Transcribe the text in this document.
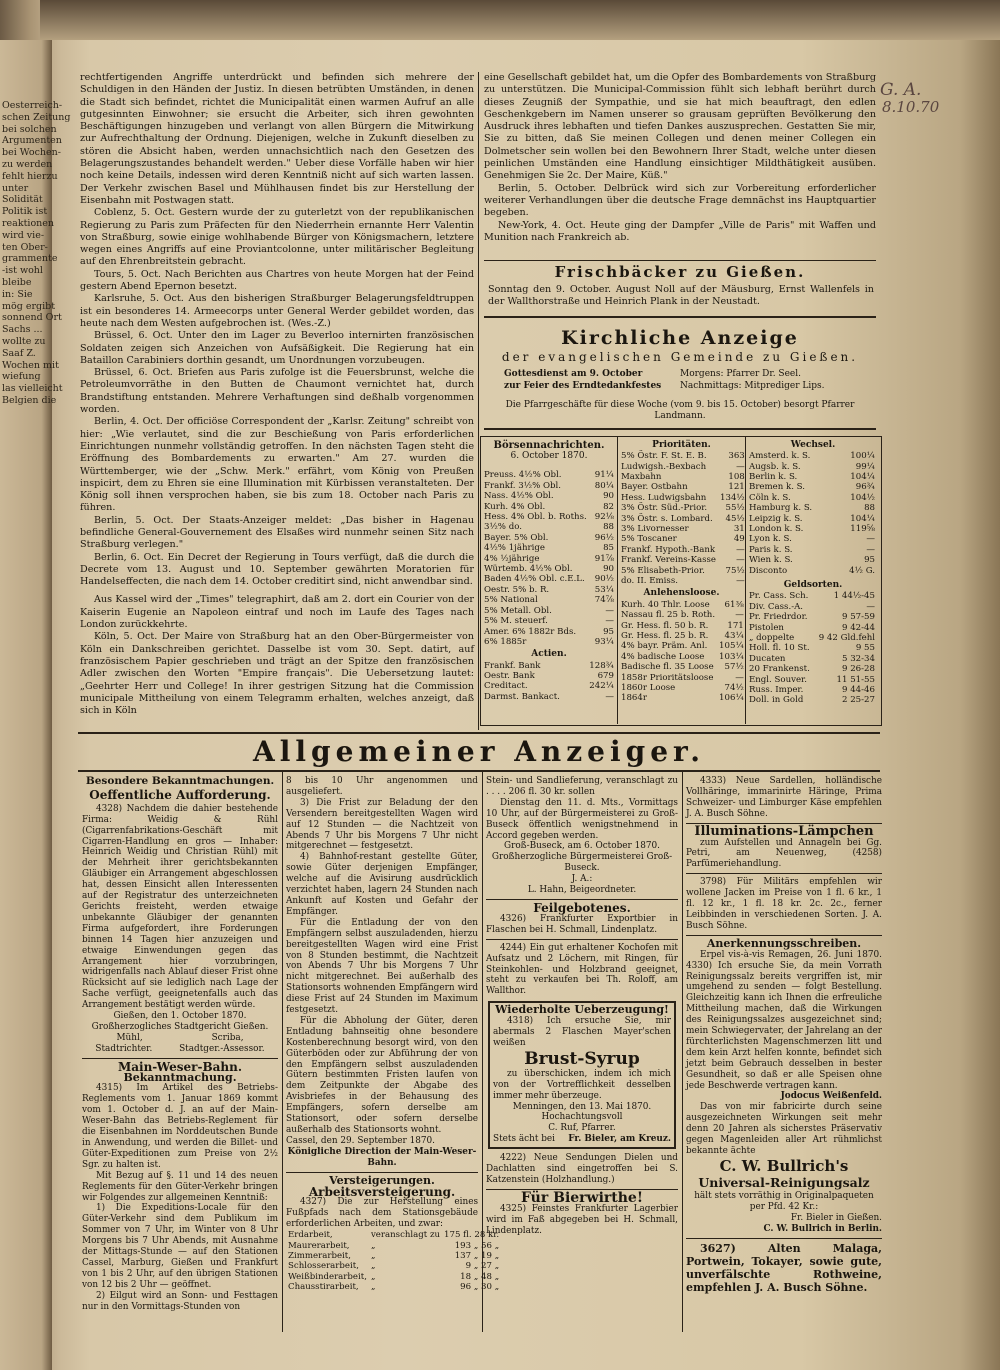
Oesterreich-
schen Zeitung
bei solchen
Argumenten
bei Wochen-
zu werden
fehlt hierzu
unter
Solidität
Politik ist
reaktionen
wird vie-
ten Ober-
grammente
-ist wohl
bleibe
in: Sie
mög ergibt
sonnend Ort
Sachs ...
wollte zu
Saaf Z.
Wochen mit
wiefung
las vielleicht
Belgien die
G. A.
8.10.70

rechtfertigenden Angriffe unterdrückt und befinden sich mehrere der Schuldigen in den Händen der Justiz. In diesen betrübten Umständen, in denen die Stadt sich befindet, richtet die Municipalität einen warmen Aufruf an alle gutgesinnten Einwohner; sie ersucht die Arbeiter, sich ihren gewohnten Beschäftigungen hinzugeben und verlangt von allen Bürgern die Mitwirkung zur Aufrechthaltung der Ordnung. Diejenigen, welche in Zukunft dieselben zu stören die Absicht haben, werden unnachsichtlich nach den Gesetzen des Belagerungszustandes behandelt werden." Ueber diese Vorfälle haben wir hier noch keine Details, indessen wird deren Kenntniß nicht auf sich warten lassen. Der Verkehr zwischen Basel und Mühlhausen findet bis zur Herstellung der Eisenbahn mit Postwagen statt.

Coblenz, 5. Oct. Gestern wurde der zu guterletzt von der republikanischen Regierung zu Paris zum Präfecten für den Niederrhein ernannte Herr Valentin von Straßburg, sowie einige wohlhabende Bürger von Königsmachern, letztere wegen eines Angriffs auf eine Proviantcolonne, unter militärischer Begleitung auf den Ehrenbreitstein gebracht.

Tours, 5. Oct. Nach Berichten aus Chartres von heute Morgen hat der Feind gestern Abend Epernon besetzt.

Karlsruhe, 5. Oct. Aus den bisherigen Straßburger Belagerungsfeldtruppen ist ein besonderes 14. Armeecorps unter General Werder gebildet worden, das heute nach dem Westen aufgebrochen ist. (Wes.-Z.)

Brüssel, 6. Oct. Unter den im Lager zu Beverloo internirten französischen Soldaten zeigen sich Anzeichen von Aufsäßigkeit. Die Regierung hat ein Bataillon Carabiniers dorthin gesandt, um Unordnungen vorzubeugen.

Brüssel, 6. Oct. Briefen aus Paris zufolge ist die Feuersbrunst, welche die Petroleumvorräthe in den Butten de Chaumont vernichtet hat, durch Brandstiftung entstanden. Mehrere Verhaftungen sind deßhalb vorgenommen worden.

Berlin, 4. Oct. Der officiöse Correspondent der „Karlsr. Zeitung" schreibt von hier: „Wie verlautet, sind die zur Beschießung von Paris erforderlichen Einrichtungen nunmehr vollständig getroffen. In den nächsten Tagen steht die Eröffnung des Bombardements zu erwarten." Am 27. wurden die Württemberger, wie der „Schw. Merk." erfährt, vom König von Preußen inspicirt, dem zu Ehren sie eine Illumination mit Kürbissen veranstalteten. Der König soll ihnen versprochen haben, sie bis zum 18. October nach Paris zu führen.

Berlin, 5. Oct. Der Staats-Anzeiger meldet: „Das bisher in Hagenau befindliche General-Gouvernement des Elsaßes wird nunmehr seinen Sitz nach Straßburg verlegen."

Berlin, 6. Oct. Ein Decret der Regierung in Tours verfügt, daß die durch die Decrete vom 13. August und 10. September gewährten Moratorien für Handelseffecten, die nach dem 14. October creditirt sind, nicht anwendbar sind.

Aus Kassel wird der „Times" telegraphirt, daß am 2. dort ein Courier von der Kaiserin Eugenie an Napoleon eintraf und noch im Laufe des Tages nach London zurückkehrte.

Köln, 5. Oct. Der Maire von Straßburg hat an den Ober-Bürgermeister von Köln ein Dankschreiben gerichtet. Dasselbe ist vom 30. Sept. datirt, auf französischem Papier geschrieben und trägt an der Spitze den französischen Adler zwischen den Worten "Empire français". Die Uebersetzung lautet: „Geehrter Herr und College! In ihrer gestrigen Sitzung hat die Commission municipale Mittheilung von einem Telegramm erhalten, welches anzeigt, daß sich in Köln

eine Gesellschaft gebildet hat, um die Opfer des Bombardements von Straßburg zu unterstützen. Die Municipal-Commission fühlt sich lebhaft berührt durch dieses Zeugniß der Sympathie, und sie hat mich beauftragt, den edlen Geschenkgebern im Namen unserer so grausam geprüften Bevölkerung den Ausdruck ihres lebhaften und tiefen Dankes auszusprechen. Gestatten Sie mir, Sie zu bitten, daß Sie meinen Collegen und denen meiner Collegen ein Dolmetscher sein wollen bei den Bewohnern Ihrer Stadt, welche unter diesen peinlichen Umständen eine Handlung einsichtiger Mildthätigkeit ausüben. Genehmigen Sie 2c. Der Maire, Küß."

Berlin, 5. October. Delbrück wird sich zur Vorbereitung erforderlicher weiterer Verhandlungen über die deutsche Frage demnächst ins Hauptquartier begeben.

New-York, 4. Oct. Heute ging der Dampfer „Ville de Paris" mit Waffen und Munition nach Frankreich ab.

Frischbäcker zu Gießen.
Sonntag den 9. October. August Noll auf der Mäusburg, Ernst Wallenfels in der Wallthorstraße und Heinrich Plank in der Neustadt.
Kirchliche Anzeige
der evangelischen Gemeinde zu Gießen.
Gottesdienst am 9. October
zur Feier des Erndtedankfestes
Morgens: Pfarrer Dr. Seel.
Nachmittags: Mitprediger Lips.
Die Pfarrgeschäfte für diese Woche (vom 9. bis 15. October) besorgt Pfarrer Landmann.
Börsennachrichten.
6. October 1870.
Preuss. 4½% Obl.	91¼
Frankf. 3½% Obl.	80¼
Nass. 4½% Obl.	90
Kurh. 4% Obl.	82
Hess. 4% Obl. b. Roths.	92⅛
3½% do.	88
Bayer. 5% Obl.	96½
4½% 1jährige	85
4% ½jährige	91⅞
Würtemb. 4½% Obl.	90
Baden 4½% Obl. c.E.L.	90½
Oestr. 5% b. R.	53¼
5% National	74⅞
5% Metall. Obl.	—
5% M. steuerf.	—
Amer. 6% 1882r Bds.	95
6% 1885r	93¼
Actien.
Frankf. Bank	128¾
Oestr. Bank	679
Creditact.	242¼
Darmst. Bankact.	—
Prioritäten.
5% Östr. F. St. E. B.	363
Ludwigsh.-Bexbach	—
Maxbahn	108
Bayer. Ostbahn	121
Hess. Ludwigsbahn	134½
3% Östr. Süd.-Prior.	55½
3% Östr. s. Lombard.	45½
3% Livornesser	31
5% Toscaner	49
Frankf. Hypoth.-Bank	—
Frankf. Vereins-Kasse	—
5% Elisabeth-Prior.	75½
do. II. Emiss.	—
Anlehensloose.
Kurh. 40 Thlr. Loose	61⅜
Nassau fl. 25 b. Roth.	—
Gr. Hess. fl. 50 b. R.	171
Gr. Hess. fl. 25 b. R.	43¼
4% bayr. Präm. Anl.	105¼
4% badische Loose	103¼
Badische fl. 35 Loose	57½
1858r Prioritätsloose	—
1860r Loose	74½
1864r	106¼
Wechsel.
Amsterd. k. S.	100¼
Augsb. k. S.	99¼
Berlin k. S.	104¼
Bremen k. S.	96¾
Cöln k. S.	104½
Hamburg k. S.	88
Leipzig k. S.	104¼
London k. S.	119⅝
Lyon k. S.	—
Paris k. S.	—
Wien k. S.	95
Disconto	4½ G.
Geldsorten.
Pr. Cass. Sch.	1 44½-45
Div. Cass.-A.	—
Pr. Friedrdor.	9 57-59
Pistolen	9 42-44
„ doppelte	9 42 Gld.fehl
Holl. fl. 10 St.	9 55
Ducaten	5 32-34
20 Frankenst.	9 26-28
Engl. Souver.	11 51-55
Russ. Imper.	9 44-46
Doll. in Gold	2 25-27
Allgemeiner Anzeiger.
Besondere Bekanntmachungen.
Oeffentliche Aufforderung.

4328) Nachdem die dahier bestehende Firma: Weidig & Rühl (Cigarrenfabrikations-Geschäft mit Cigarren-Handlung en gros — Inhaber: Heinrich Weidig und Christian Rühl) mit der Mehrheit ihrer gerichtsbekannten Gläubiger ein Arrangement abgeschlossen hat, dessen Einsicht allen Interessenten auf der Registratur des unterzeichneten Gerichts freisteht, werden etwaige unbekannte Gläubiger der genannten Firma aufgefordert, ihre Forderungen binnen 14 Tagen hier anzuzeigen und etwaige Einwendungen gegen das Arrangement hier vorzubringen, widrigenfalls nach Ablauf dieser Frist ohne Rücksicht auf sie lediglich nach Lage der Sache verfügt, geeignetenfalls auch das Arrangement bestätigt werden würde.

Gießen, den 1. October 1870.
Großherzogliches Stadtgericht Gießen.
Mühl,	Scriba,
Stadtrichter.	Stadtger.-Assessor.
Main-Weser-Bahn.
Bekanntmachung.

4315) Im Artikel des Betriebs-Reglements vom 1. Januar 1869 kommt vom 1. October d. J. an auf der Main-Weser-Bahn das Betriebs-Reglement für die Eisenbahnen im Norddeutschen Bunde in Anwendung, und werden die Billet- und Güter-Expeditionen zum Preise von 2½ Sgr. zu halten ist.

Mit Bezug auf §. 11 und 14 des neuen Reglements für den Güter-Verkehr bringen wir Folgendes zur allgemeinen Kenntniß:

1) Die Expeditions-Locale für den Güter-Verkehr sind dem Publikum im Sommer von 7 Uhr, im Winter von 8 Uhr Morgens bis 7 Uhr Abends, mit Ausnahme der Mittags-Stunde — auf den Stationen Cassel, Marburg, Gießen und Frankfurt von 1 bis 2 Uhr, auf den übrigen Stationen von 12 bis 2 Uhr — geöffnet.

2) Eilgut wird an Sonn- und Festtagen nur in den Vormittags-Stunden von

8 bis 10 Uhr angenommen und ausgeliefert.

3) Die Frist zur Beladung der den Versendern bereitgestellten Wagen wird auf 12 Stunden — die Nachtzeit von Abends 7 Uhr bis Morgens 7 Uhr nicht mitgerechnet — festgesetzt.

4) Bahnhof-restant gestellte Güter, sowie Güter derjenigen Empfänger, welche auf die Avisirung ausdrücklich verzichtet haben, lagern 24 Stunden nach Ankunft auf Kosten und Gefahr der Empfänger.

Für die Entladung der von den Empfängern selbst auszuladenden, hierzu bereitgestellten Wagen wird eine Frist von 8 Stunden bestimmt, die Nachtzeit von Abends 7 Uhr bis Morgens 7 Uhr nicht mitgerechnet. Bei außerhalb des Stationsorts wohnenden Empfängern wird diese Frist auf 24 Stunden im Maximum festgesetzt.

Für die Abholung der Güter, deren Entladung bahnseitig ohne besondere Kostenberechnung besorgt wird, von den Güterböden oder zur Abführung der von den Empfängern selbst auszuladenden Gütern bestimmten Fristen laufen von dem Zeitpunkte der Abgabe des Avisbriefes in der Behausung des Empfängers, sofern derselbe am Stationsort, oder sofern derselbe außerhalb des Stationsorts wohnt.

Cassel, den 29. September 1870.
Königliche Direction der Main-Weser-Bahn.
Versteigerungen.
Arbeitsversteigerung.

4327) Die zur Herstellung eines Fußpfads nach dem Stationsgebäude erforderlichen Arbeiten, und zwar:

Erdarbeit,	veranschlagt zu	175 fl. 28 kr.
Maurerarbeit,	„	193 „ 56 „
Zimmerarbeit,	„	137 „ 19 „
Schlosserarbeit,	„	9 „ 27 „
Weißbinderarbeit,	„	18 „ 48 „
Chausstirarbeit,	„	96 „ 30 „

Stein- und Sandlieferung, veranschlagt zu . . . . 206 fl. 30 kr. sollen

Dienstag den 11. d. Mts., Vormittags 10 Uhr, auf der Bürgermeisterei zu Groß-Buseck öffentlich wenigstnehmend in Accord gegeben werden.

Groß-Buseck, am 6. October 1870.
Großherzogliche Bürgermeisterei Groß-Buseck.
J. A.:
L. Hahn, Beigeordneter.
Feilgebotenes.

4326) Frankfurter Exportbier in Flaschen bei H. Schmall, Lindenplatz.

4244) Ein gut erhaltener Kochofen mit Aufsatz und 2 Löchern, mit Ringen, für Steinkohlen- und Holzbrand geeignet, steht zu verkaufen bei Th. Roloff, am Wallthor.

Wiederholte Ueberzeugung!

4318) Ich ersuche Sie, mir abermals 2 Flaschen Mayer'schen weißen

Brust-Syrup

zu überschicken, indem ich mich von der Vortrefflichkeit desselben immer mehr überzeuge.

Menningen, den 13. Mai 1870.
Hochachtungsvoll
C. Ruf, Pfarrer.
Stets ächt bei Fr. Bieler, am Kreuz.

4222) Neue Sendungen Dielen und Dachlatten sind eingetroffen bei S. Katzenstein (Holzhandlung.)

Für Bierwirthe!

4325) Feinstes Frankfurter Lagerbier wird im Faß abgegeben bei H. Schmall, Lindenplatz.

4333) Neue Sardellen, holländische Vollhäringe, immarinirte Häringe, Prima Schweizer- und Limburger Käse empfehlen J. A. Busch Söhne.

Illuminations-Lämpchen

zum Aufstellen und Annageln bei Gg. Petri, am Neuenweg, (4258) Parfümeriehandlung.

3798) Für Militärs empfehlen wir wollene Jacken im Preise von 1 fl. 6 kr., 1 fl. 12 kr., 1 fl. 18 kr. 2c. 2c., ferner Leibbinden in verschiedenen Sorten. J. A. Busch Söhne.

Anerkennungsschreiben.

Erpel vis-à-vis Remagen, 26. Juni 1870. 4330) Ich ersuche Sie, da mein Vorrath Reinigungssalz bereits vergriffen ist, mir umgehend zu senden — folgt Bestellung. Gleichzeitig kann ich Ihnen die erfreuliche Mittheilung machen, daß die Wirkungen des Reinigungssalzes ausgezeichnet sind; mein Schwiegervater, der Jahrelang an der fürchterlichsten Magenschmerzen litt und dem kein Arzt helfen konnte, befindet sich jetzt beim Gebrauch desselben in bester Gesundheit, so daß er alle Speisen ohne jede Beschwerde vertragen kann.

Jodocus Weißenfeld.

Das von mir fabricirte durch seine ausgezeichneten Wirkungen seit mehr denn 20 Jahren als sicherstes Präservativ gegen Magenleiden aller Art rühmlichst bekannte ächte

C. W. Bullrich's
Universal-Reinigungsalz
hält stets vorräthig in Originalpaqueten per Pfd. 42 Kr.:
Fr. Bieler in Gießen.
C. W. Bullrich in Berlin.

3627) Alten Malaga, Portwein, Tokayer, sowie gute, unverfälschte Rothweine, empfehlen J. A. Busch Söhne.
